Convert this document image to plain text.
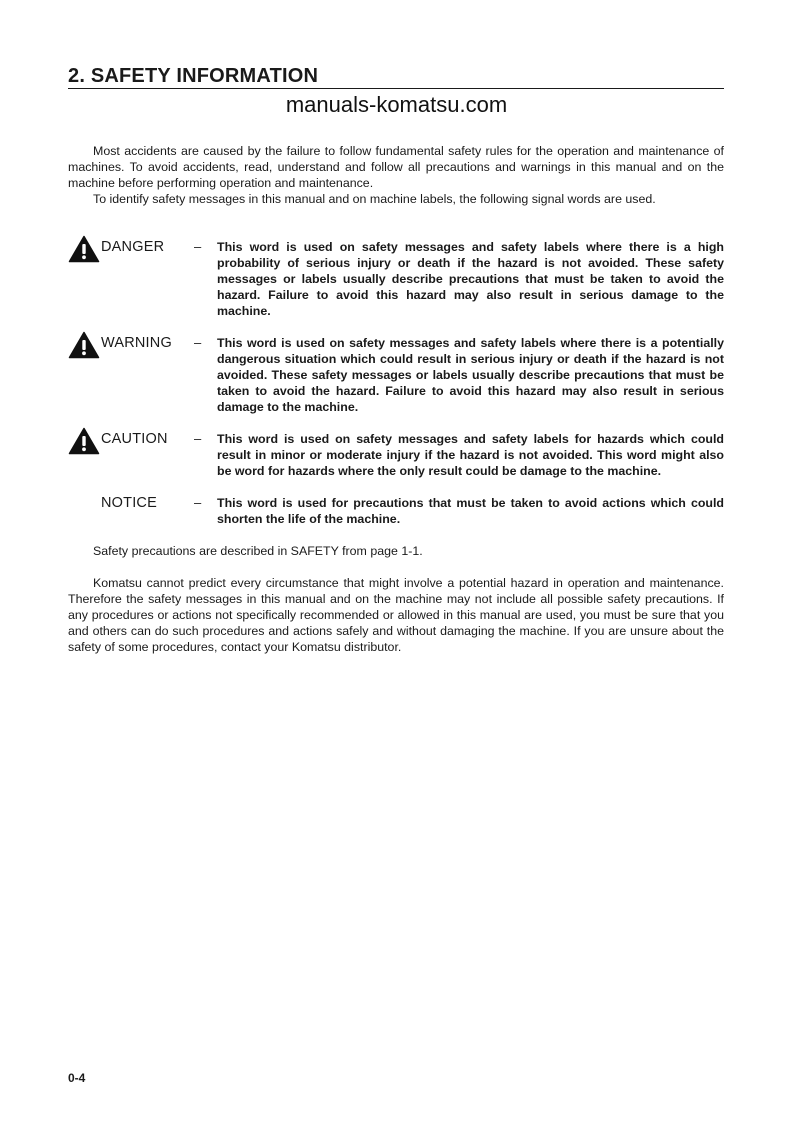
2. SAFETY INFORMATION
manuals-komatsu.com

Most accidents are caused by the failure to follow fundamental safety rules for the operation and maintenance of machines. To avoid accidents, read, understand and follow all precautions and warnings in this manual and on the machine before performing operation and maintenance.

To identify safety messages in this manual and on machine labels, the following signal words are used.

DANGER – This word is used on safety messages and safety labels where there is a high probability of serious injury or death if the hazard is not avoided. These safety messages or labels usually describe precautions that must be taken to avoid the hazard. Failure to avoid this hazard may also result in serious damage to the machine.
WARNING – This word is used on safety messages and safety labels where there is a potentially dangerous situation which could result in serious injury or death if the hazard is not avoided. These safety messages or labels usually describe precautions that must be taken to avoid the hazard. Failure to avoid this hazard may also result in serious damage to the machine.
CAUTION – This word is used on safety messages and safety labels for hazards which could result in minor or moderate injury if the hazard is not avoided. This word might also be word for hazards where the only result could be damage to the machine.
NOTICE	– This word is used for precautions that must be taken to avoid actions which could shorten the life of the machine.

Safety precautions are described in SAFETY from page 1-1.

Komatsu cannot predict every circumstance that might involve a potential hazard in operation and maintenance. Therefore the safety messages in this manual and on the machine may not include all possible safety precautions. If any procedures or actions not specifically recommended or allowed in this manual are used, you must be sure that you and others can do such procedures and actions safely and without damaging the machine. If you are unsure about the safety of some procedures, contact your Komatsu distributor.

0-4
